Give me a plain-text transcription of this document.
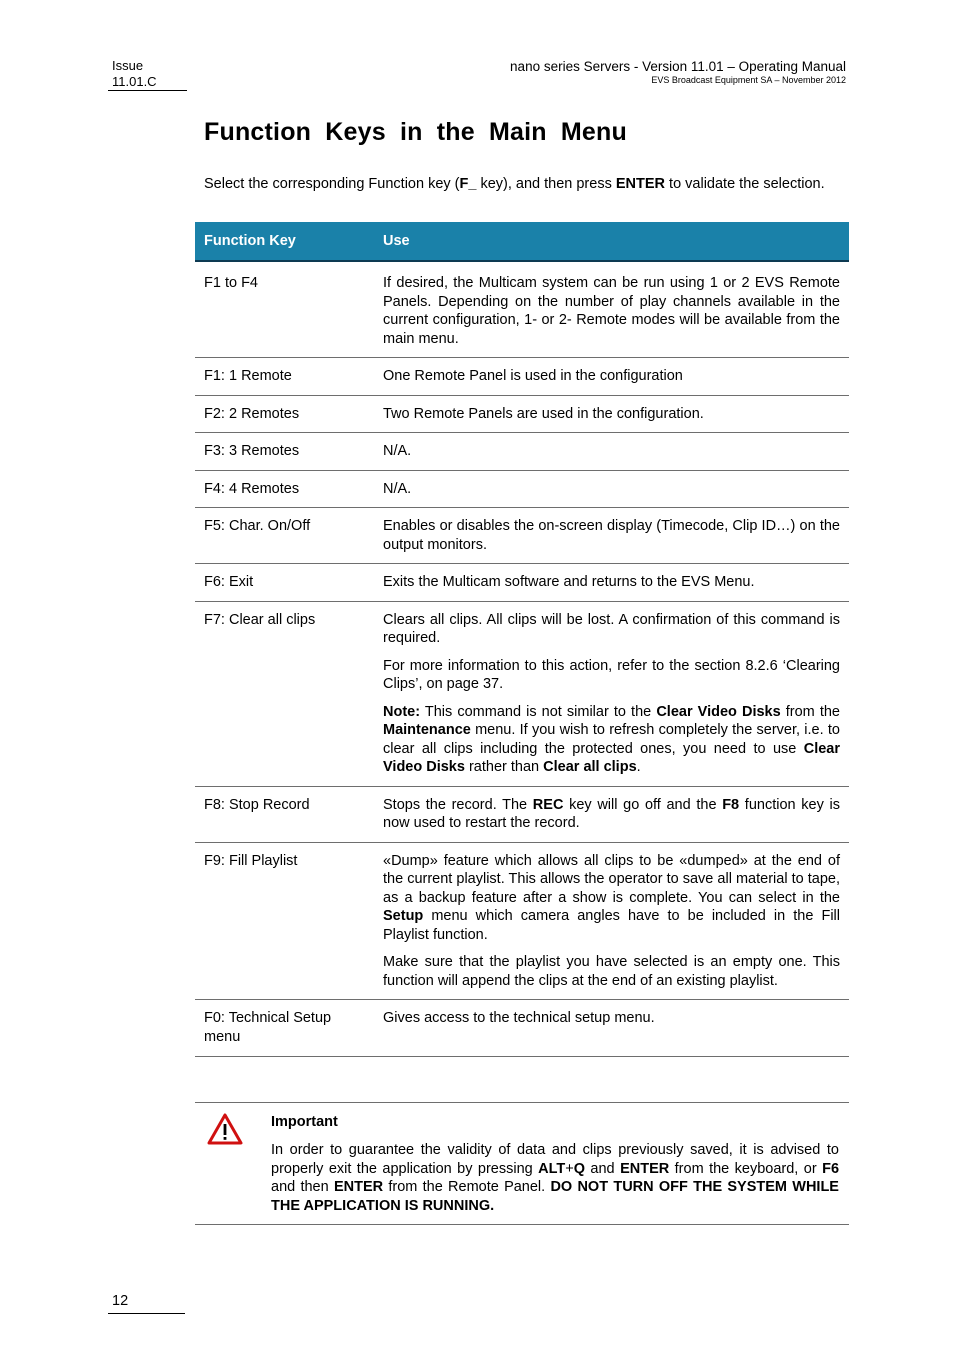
Issue
11.01.C
nano series Servers - Version 11.01 – Operating Manual
EVS Broadcast Equipment SA – November 2012
Function Keys in the Main Menu
Select the corresponding Function key (F_ key), and then press ENTER to validate the selection.
Function Key	Use
F1 to F4	If desired, the Multicam system can be run using 1 or 2 EVS Remote Panels. Depending on the number of play channels available in the current configuration, 1- or 2- Remote modes will be available from the main menu.
F1: 1 Remote	One Remote Panel is used in the configuration
F2: 2 Remotes	Two Remote Panels are used in the configuration.
F3: 3 Remotes	N/A.
F4: 4 Remotes	N/A.
F5: Char. On/Off	Enables or disables the on-screen display (Timecode, Clip ID…) on the output monitors.
F6: Exit	Exits the Multicam software and returns to the EVS Menu.
F7: Clear all clips	Clears all clips. All clips will be lost. A confirmation of this command is required.

For more information to this action, refer to the section 8.2.6 ‘Clearing Clips’, on page 37.

Note: This command is not similar to the Clear Video Disks from the Maintenance menu. If you wish to refresh completely the server, i.e. to clear all clips including the protected ones, you need to use Clear Video Disks rather than Clear all clips.

F8: Stop Record	Stops the record. The REC key will go off and the F8 function key is now used to restart the record.
F9: Fill Playlist	«Dump» feature which allows all clips to be «dumped» at the end of the current playlist. This allows the operator to save all material to tape, as a backup feature after a show is complete. You can select in the Setup menu which camera angles have to be included in the Fill Playlist function.

Make sure that the playlist you have selected is an empty one. This function will append the clips at the end of an existing playlist.

F0: Technical Setup menu	Gives access to the technical setup menu.
Important
In order to guarantee the validity of data and clips previously saved, it is advised to properly exit the application by pressing ALT+Q and ENTER from the keyboard, or F6 and then ENTER from the Remote Panel. DO NOT TURN OFF THE SYSTEM WHILE THE APPLICATION IS RUNNING.
12
